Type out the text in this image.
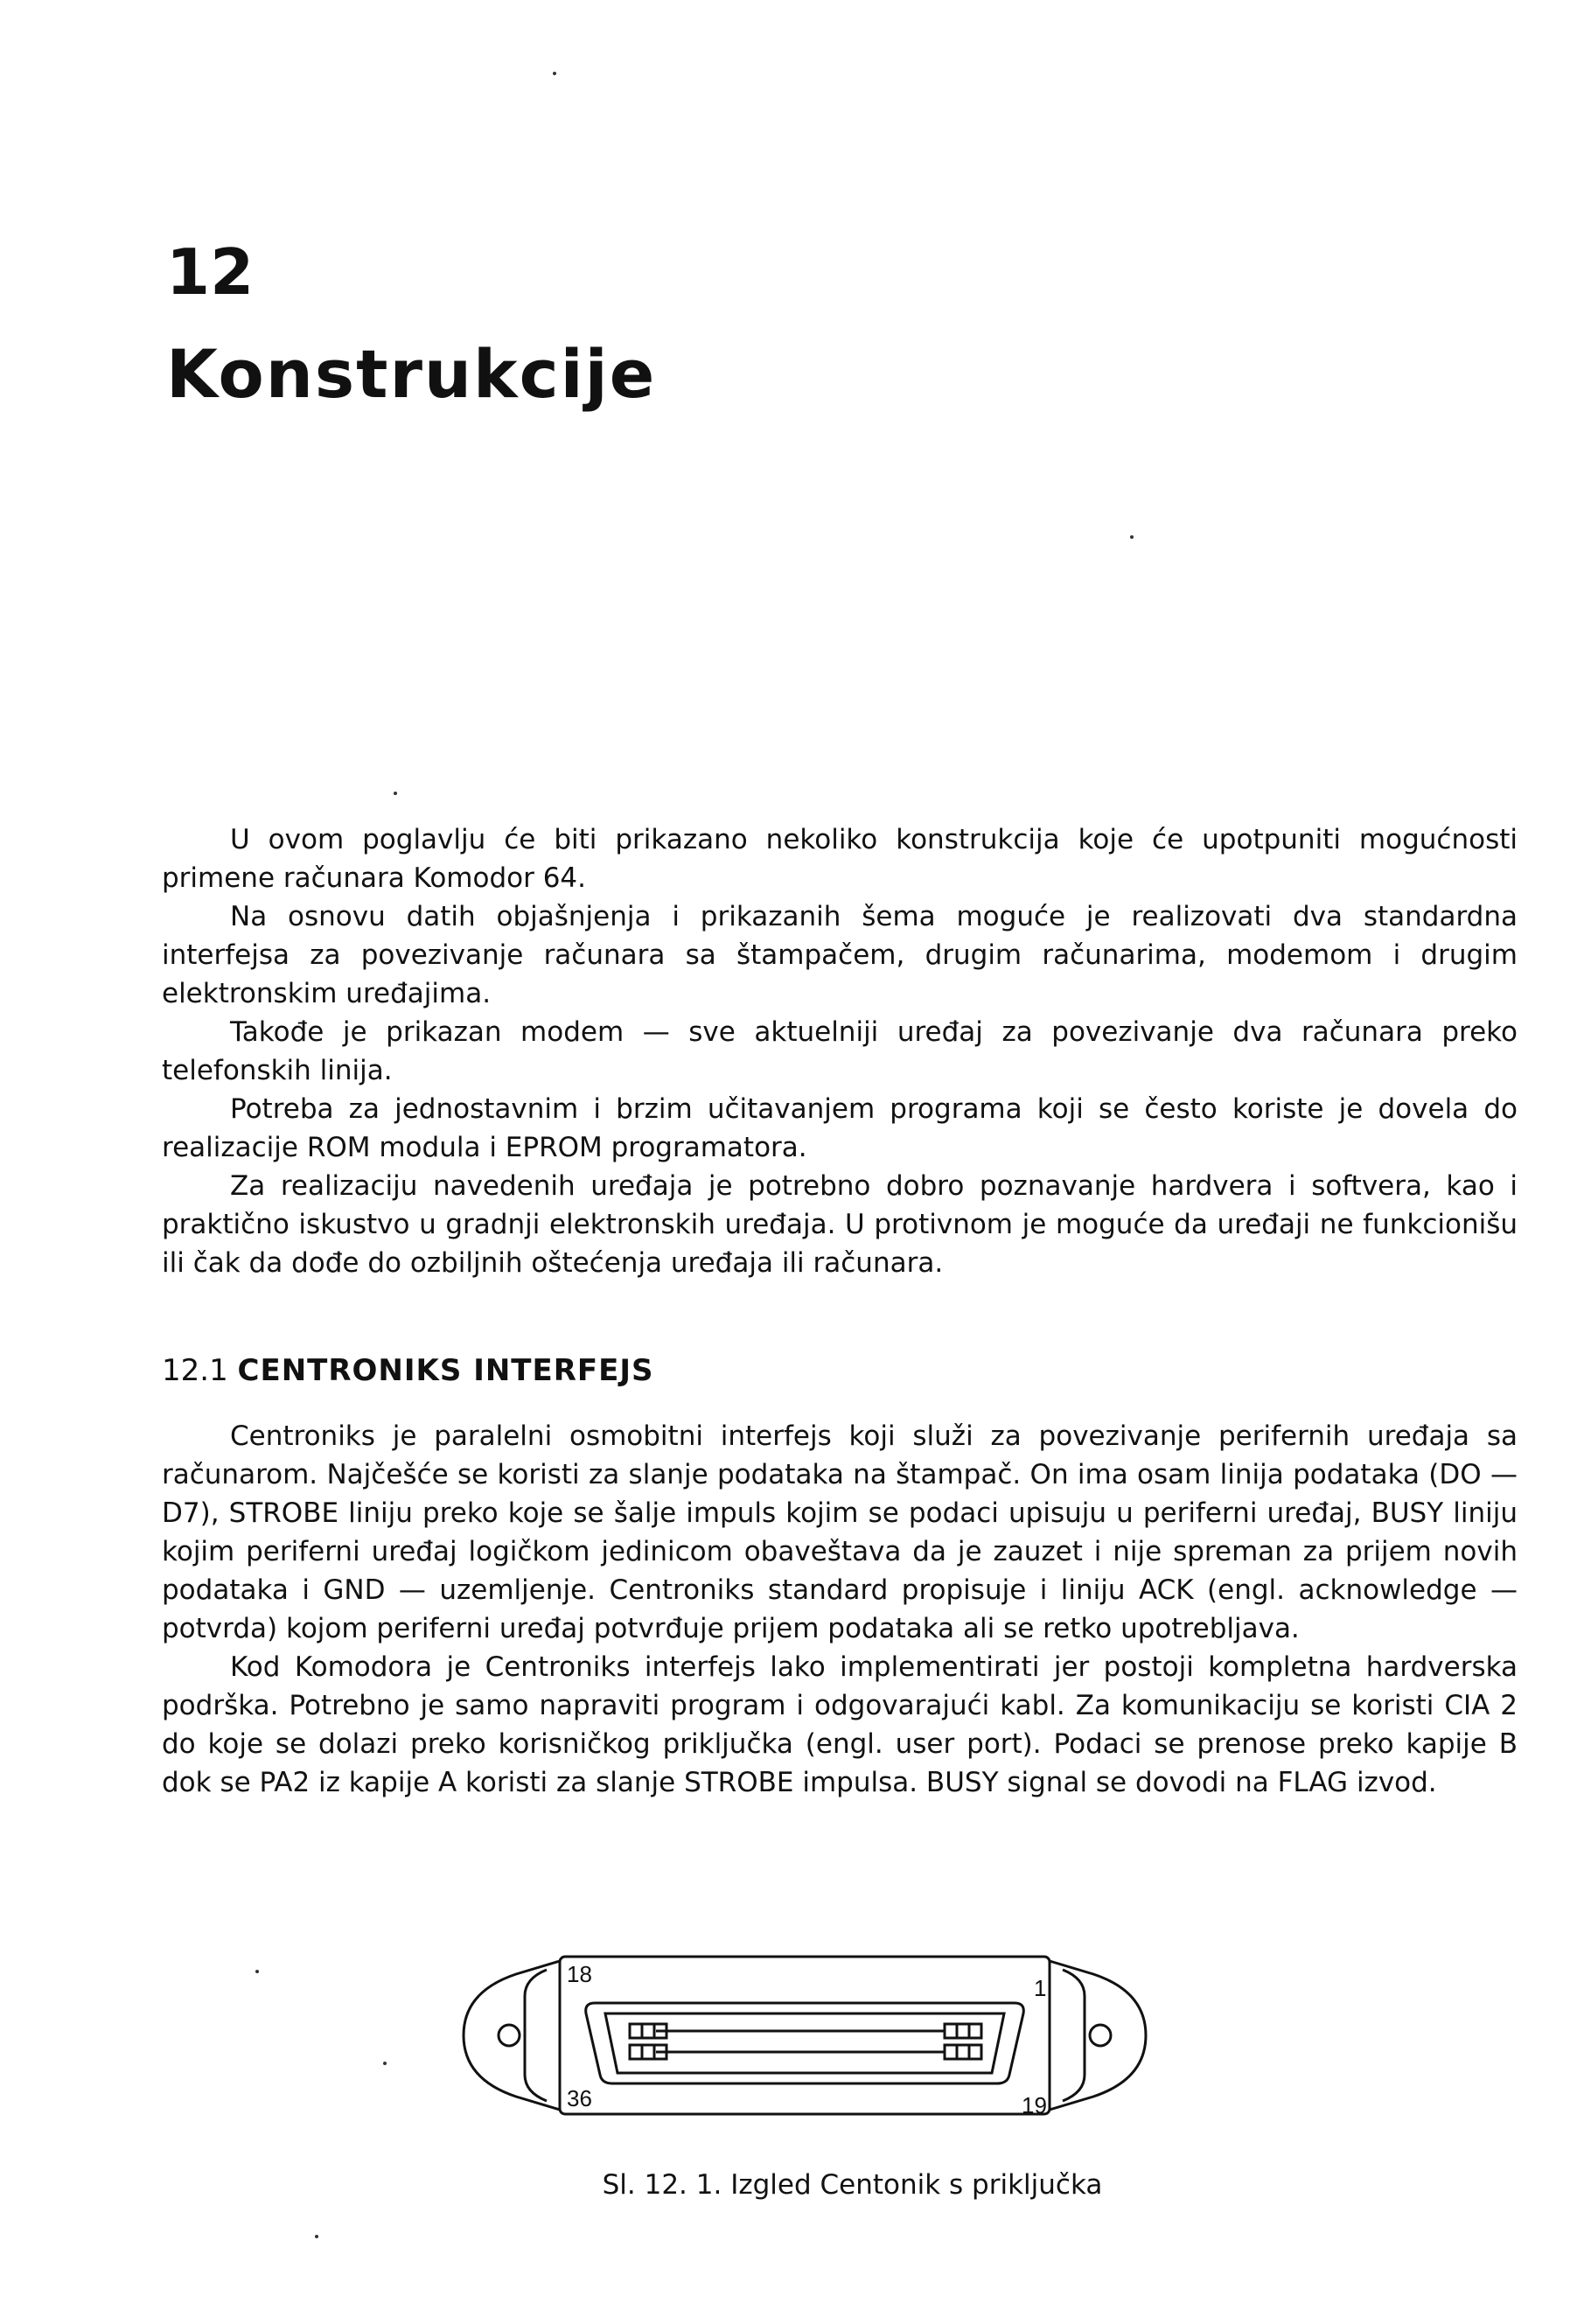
12
Konstrukcije

U ovom poglavlju će biti prikazano nekoliko konstrukcija koje će upotpuniti mogućnosti primene računara Komodor 64.

Na osnovu datih objašnjenja i prikazanih šema moguće je realizovati dva standardna interfejsa za povezivanje računara sa štampačem, drugim računarima, modemom i drugim elektronskim uređajima.

Takođe je prikazan modem — sve aktuelniji uređaj za povezivanje dva računara preko telefonskih linija.

Potreba za jednostavnim i brzim učitavanjem programa koji se često koriste je dovela do realizacije ROM modula i EPROM programatora.

Za realizaciju navedenih uređaja je potrebno dobro poznavanje hardvera i softvera, kao i praktično iskustvo u gradnji elektronskih uređaja. U protivnom je moguće da uređaji ne funkcionišu ili čak da dođe do ozbiljnih oštećenja uređaja ili računara.

12.1 CENTRONIKS INTERFEJS

Centroniks je paralelni osmobitni interfejs koji služi za povezivanje perifernih uređaja sa računarom. Najčešće se koristi za slanje podataka na štampač. On ima osam linija podataka (DO — D7), STROBE liniju preko koje se šalje impuls kojim se podaci upisuju u periferni uređaj, BUSY liniju kojim periferni uređaj logičkom jedinicom obaveštava da je zauzet i nije spreman za prijem novih podataka i GND — uzemljenje. Centroniks standard propisuje i liniju ACK (engl. acknowledge — potvrda) kojom periferni uređaj potvrđuje prijem podataka ali se retko upotrebljava.

Kod Komodora je Centroniks interfejs lako implementirati jer postoji kompletna hardverska podrška. Potrebno je samo napraviti program i odgovarajući kabl. Za komunikaciju se koristi CIA 2 do koje se dolazi preko korisničkog priključka (engl. user port). Podaci se prenose preko kapije B dok se PA2 iz kapije A koristi za slanje STROBE impulsa. BUSY signal se dovodi na FLAG izvod.

18
1
36	19
Sl. 12. 1. Izgled Centonik s priključka
